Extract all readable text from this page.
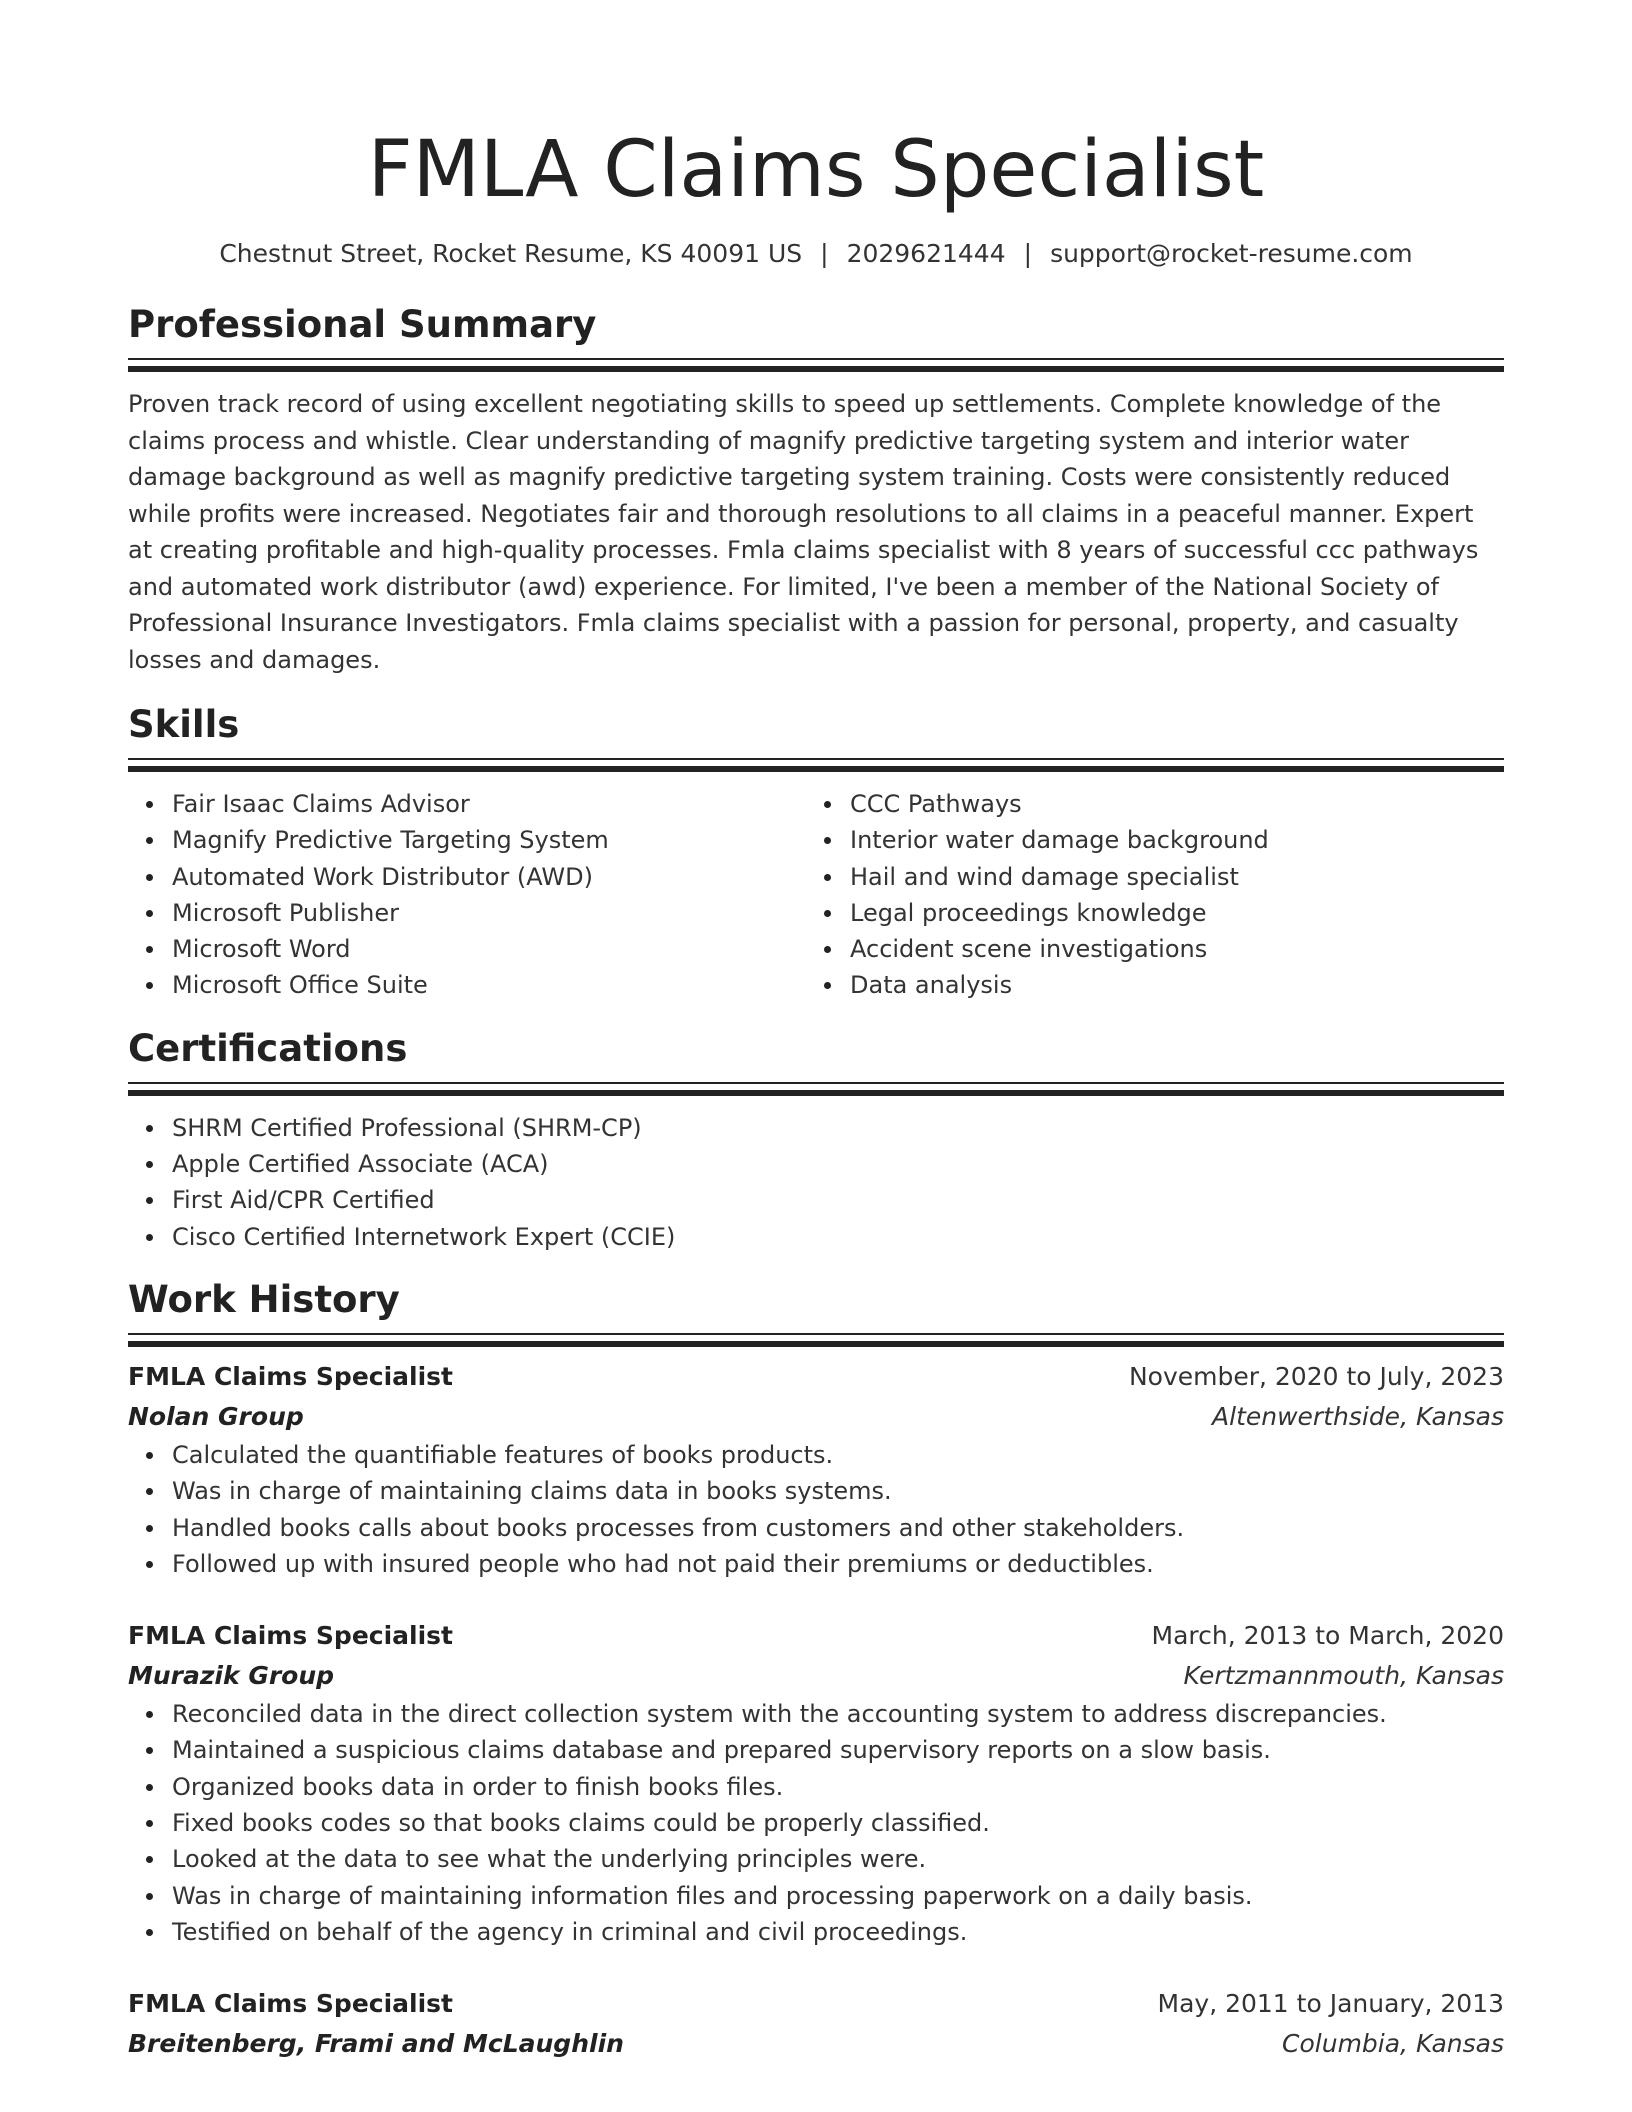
FMLA Claims Specialist
Chestnut Street, Rocket Resume, KS 40091 US | 2029621444 | support@rocket-resume.com
Professional Summary

Proven track record of using excellent negotiating skills to speed up settlements. Complete knowledge of the claims process and whistle. Clear understanding of magnify predictive targeting system and interior water damage background as well as magnify predictive targeting system training. Costs were consistently reduced while profits were increased. Negotiates fair and thorough resolutions to all claims in a peaceful manner. Expert at creating profitable and high-quality processes. Fmla claims specialist with 8 years of successful ccc pathways and automated work distributor (awd) experience. For limited, I've been a member of the National Society of Professional Insurance Investigators. Fmla claims specialist with a passion for personal, property, and casualty losses and damages.

Skills
Fair Isaac Claims Advisor
Magnify Predictive Targeting System
Automated Work Distributor (AWD)
Microsoft Publisher
Microsoft Word
Microsoft Office Suite
CCC Pathways
Interior water damage background
Hail and wind damage specialist
Legal proceedings knowledge
Accident scene investigations
Data analysis
Certifications
SHRM Certified Professional (SHRM-CP)
Apple Certified Associate (ACA)
First Aid/CPR Certified
Cisco Certified Internetwork Expert (CCIE)
Work History
FMLA Claims Specialist	November, 2020 to July, 2023
Nolan Group	Altenwerthside, Kansas
Calculated the quantifiable features of books products.
Was in charge of maintaining claims data in books systems.
Handled books calls about books processes from customers and other stakeholders.
Followed up with insured people who had not paid their premiums or deductibles.
FMLA Claims Specialist	March, 2013 to March, 2020
Murazik Group	Kertzmannmouth, Kansas
Reconciled data in the direct collection system with the accounting system to address discrepancies.
Maintained a suspicious claims database and prepared supervisory reports on a slow basis.
Organized books data in order to finish books files.
Fixed books codes so that books claims could be properly classified.
Looked at the data to see what the underlying principles were.
Was in charge of maintaining information files and processing paperwork on a daily basis.
Testified on behalf of the agency in criminal and civil proceedings.
FMLA Claims Specialist	May, 2011 to January, 2013
Breitenberg, Frami and McLaughlin	Columbia, Kansas
